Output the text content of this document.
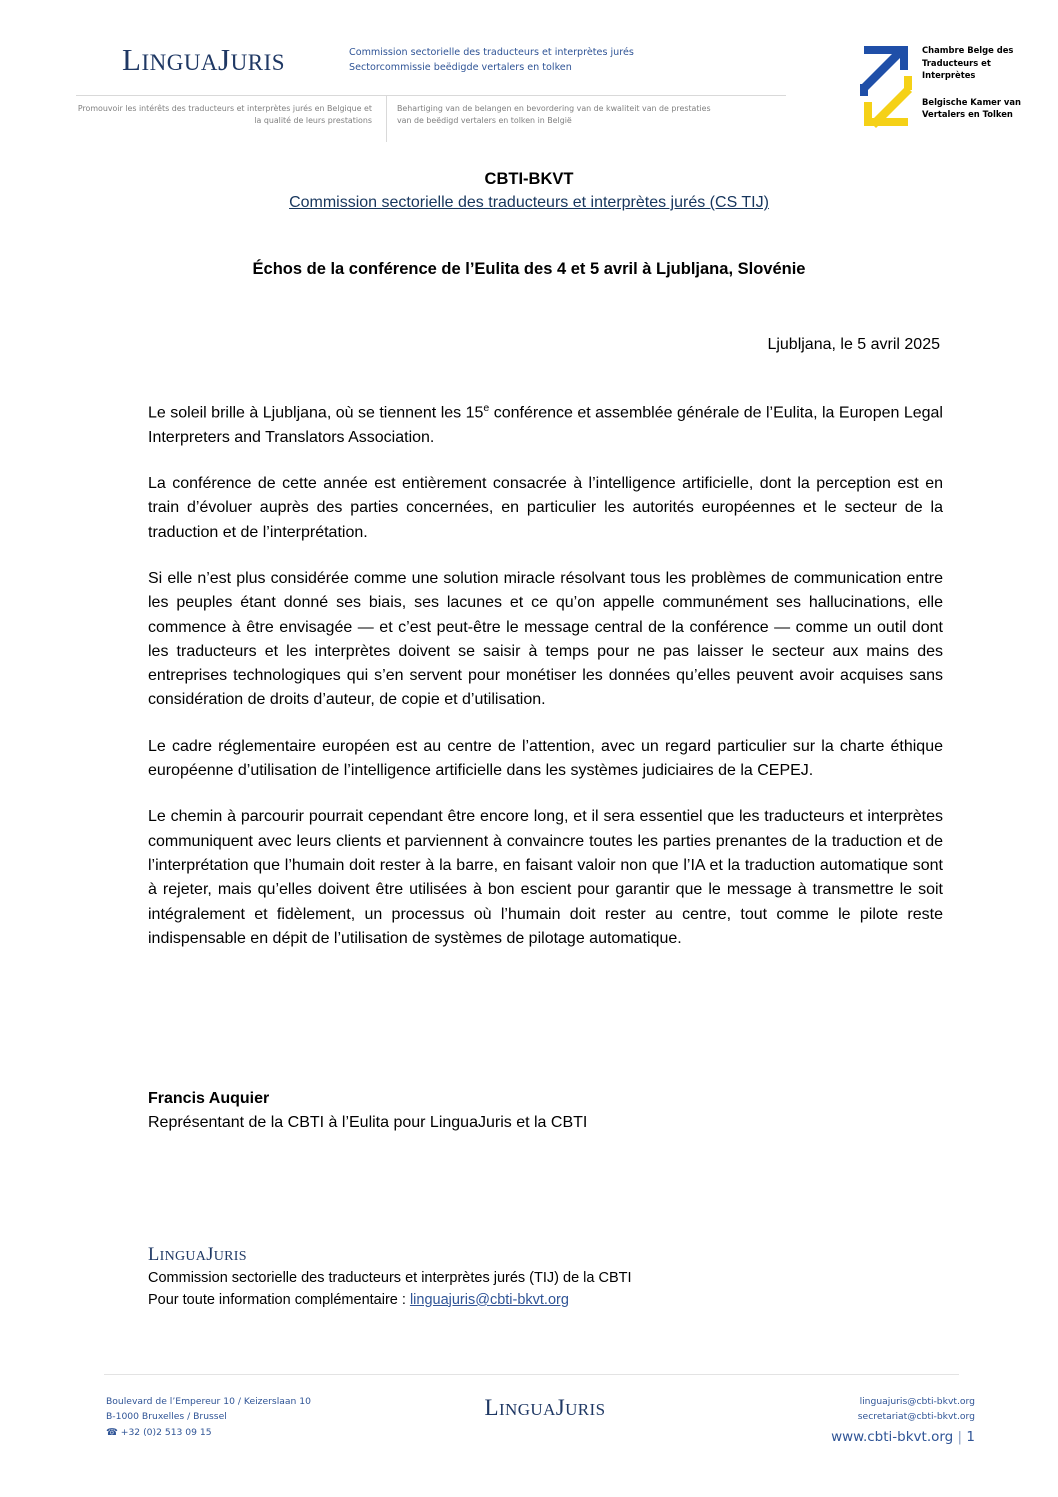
LINGUAJURIS	Commission sectorielle des traducteurs et interprètes jurés
Sectorcommissie beëdigde vertalers en tolken
Promouvoir les intérêts des traducteurs et interprètes jurés en Belgique et la qualité de leurs prestations
Behartiging van de belangen en bevordering van de kwaliteit van de prestaties van de beëdigd vertalers en tolken in België
Chambre Belge des Traducteurs et Interprètes
Belgische Kamer van Vertalers en Tolken
CBTI-BKVT
Commission sectorielle des traducteurs et interprètes jurés (CS TIJ)
Échos de la conférence de l’Eulita des 4 et 5 avril à Ljubljana, Slovénie
Ljubljana, le 5 avril 2025

Le soleil brille à Ljubljana, où se tiennent les 15e conférence et assemblée générale de l’Eulita, la Europen Legal Interpreters and Translators Association.

La conférence de cette année est entièrement consacrée à l’intelligence artificielle, dont la perception est en train d’évoluer auprès des parties concernées, en particulier les autorités européennes et le secteur de la traduction et de l’interprétation.

Si elle n’est plus considérée comme une solution miracle résolvant tous les problèmes de communication entre les peuples étant donné ses biais, ses lacunes et ce qu’on appelle communément ses hallucinations, elle commence à être envisagée — et c’est peut-être le message central de la conférence — comme un outil dont les traducteurs et les interprètes doivent se saisir à temps pour ne pas laisser le secteur aux mains des entreprises technologiques qui s’en servent pour monétiser les données qu’elles peuvent avoir acquises sans considération de droits d’auteur, de copie et d’utilisation.

Le cadre réglementaire européen est au centre de l’attention, avec un regard particulier sur la charte éthique européenne d’utilisation de l’intelligence artificielle dans les systèmes judiciaires de la CEPEJ.

Le chemin à parcourir pourrait cependant être encore long, et il sera essentiel que les traducteurs et interprètes communiquent avec leurs clients et parviennent à convaincre toutes les parties prenantes de la traduction et de l’interprétation que l’humain doit rester à la barre, en faisant valoir non que l’IA et la traduction automatique sont à rejeter, mais qu’elles doivent être utilisées à bon escient pour garantir que le message à transmettre le soit intégralement et fidèlement, un processus où l’humain doit rester au centre, tout comme le pilote reste indispensable en dépit de l’utilisation de systèmes de pilotage automatique.

Francis Auquier
Représentant de la CBTI à l’Eulita pour LinguaJuris et la CBTI
LINGUAJURIS
Commission sectorielle des traducteurs et interprètes jurés (TIJ) de la CBTI
Pour toute information complémentaire : linguajuris@cbti-bkvt.org
Boulevard de l’Empereur 10 / Keizerslaan 10
B-1000 Bruxelles / Brussel
☎ +32 (0)2 513 09 15
LINGUAJURIS	linguajuris@cbti-bkvt.org
secretariat@cbti-bkvt.org
www.cbti-bkvt.org | 1
